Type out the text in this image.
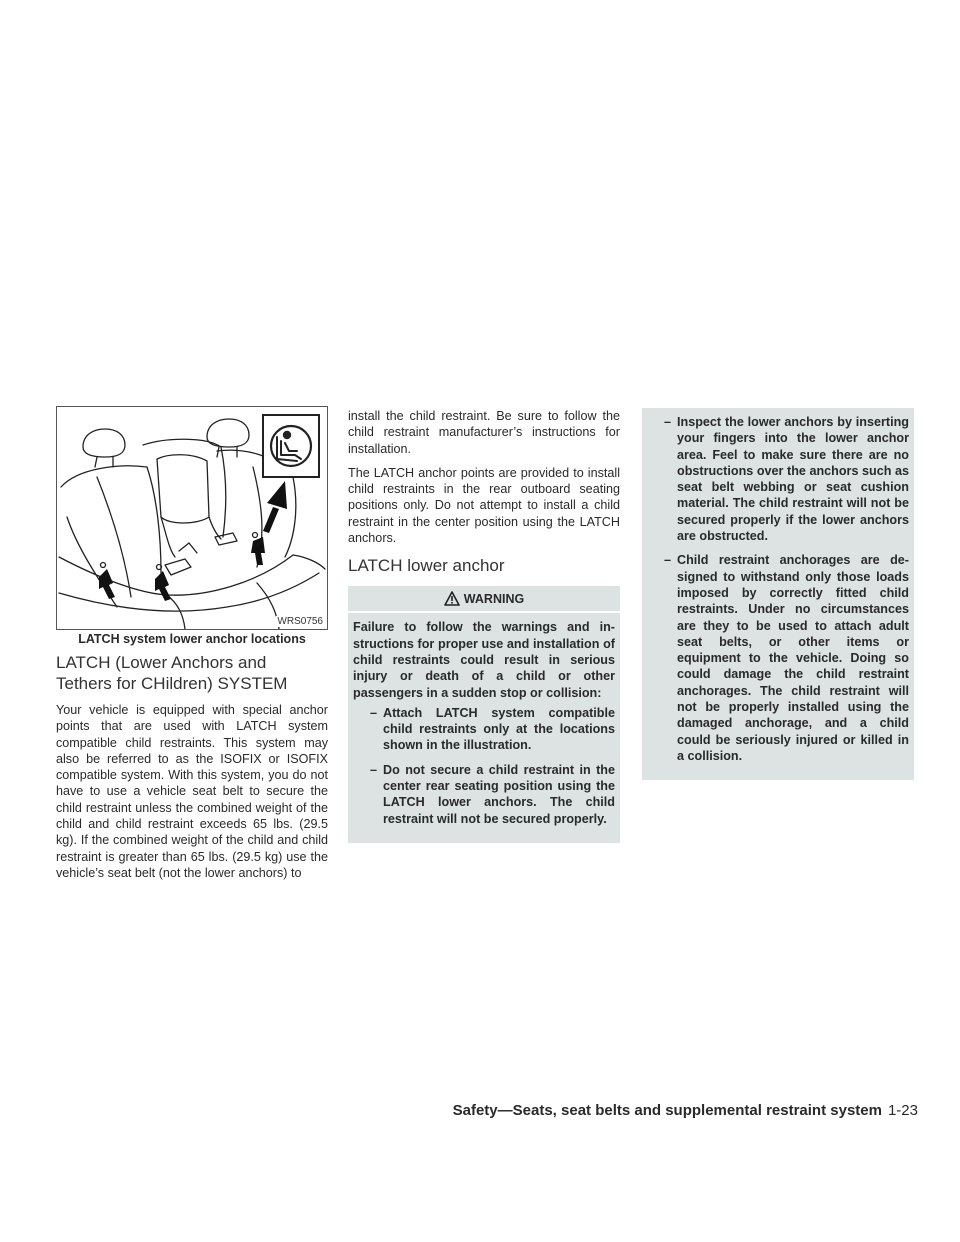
WRS0756
LATCH system lower anchor locations
LATCH (Lower Anchors and
Tethers for CHildren) SYSTEM

Your vehicle is equipped with special anchor points that are used with LATCH system compatible child restraints. This system may also be referred to as the ISOFIX or ISOFIX compatible system. With this system, you do not have to use a vehicle seat belt to secure the child restraint unless the combined weight of the child and child restraint exceeds 65 lbs. (29.5 kg). If the combined weight of the child and child restraint is greater than 65 lbs. (29.5 kg) use the vehicle’s seat belt (not the lower anchors) to

install the child restraint. Be sure to follow the child restraint manufacturer’s instructions for installation.

The LATCH anchor points are provided to install child restraints in the rear outboard seating positions only. Do not attempt to install a child restraint in the center position using the LATCH anchors.

LATCH lower anchor
WARNING

Failure to follow the warnings and instructions for proper use and installation of child restraints could result in serious injury or death of a child or other passengers in a sudden stop or collision:

– Attach LATCH system compatible child restraints only at the locations shown in the illustration.
– Do not secure a child restraint in the center rear seating position using the LATCH lower anchors. The child restraint will not be secured properly.
– Inspect the lower anchors by inserting your fingers into the lower anchor area. Feel to make sure there are no obstructions over the anchors such as seat belt webbing or seat cushion material. The child restraint will not be secured properly if the lower anchors are obstructed.
– Child restraint anchorages are designed to withstand only those loads imposed by correctly fitted child restraints. Under no circumstances are they to be used to attach adult seat belts, or other items or equipment to the vehicle. Doing so could damage the child restraint anchorages. The child restraint will not be properly installed using the damaged anchorage, and a child could be seriously injured or killed in a collision.
Safety—Seats, seat belts and supplemental restraint system 1-23
